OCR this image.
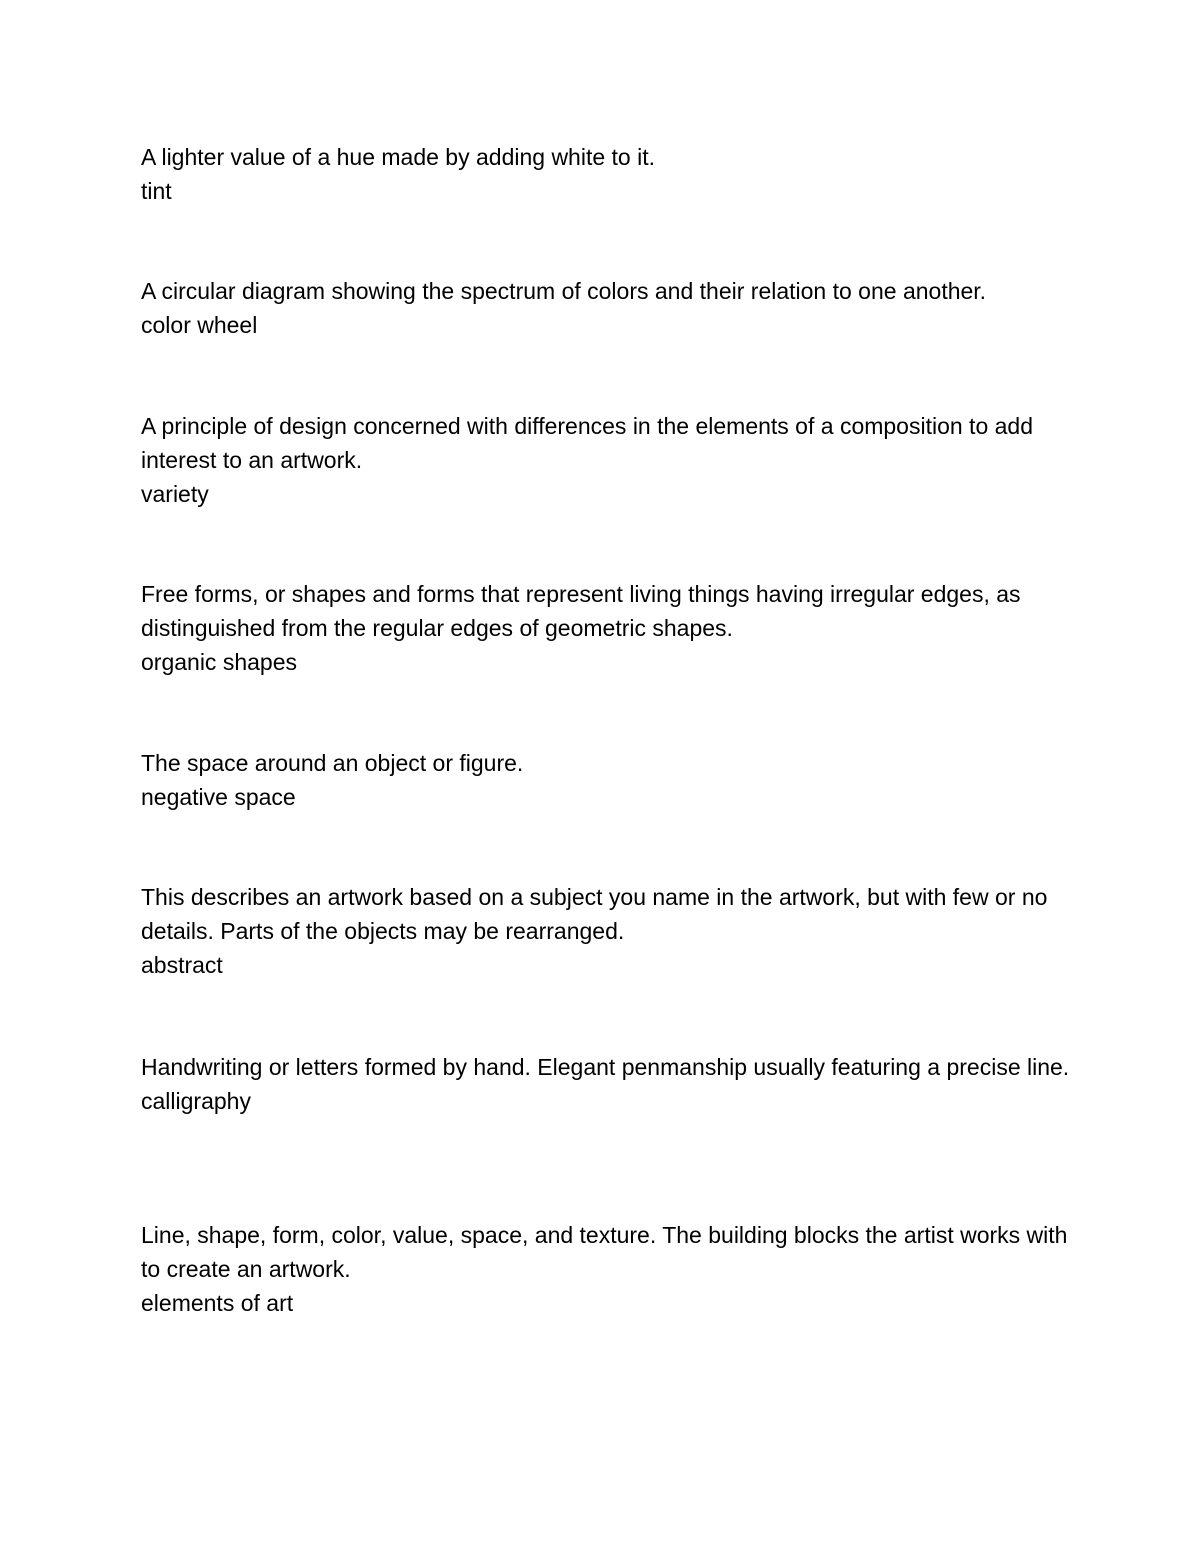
A lighter value of a hue made by adding white to it.

tint

A circular diagram showing the spectrum of colors and their relation to one another.

color wheel

A principle of design concerned with differences in the elements of a composition to add interest to an artwork.

variety

Free forms, or shapes and forms that represent living things having irregular edges, as distinguished from the regular edges of geometric shapes.

organic shapes

The space around an object or figure.

negative space

This describes an artwork based on a subject you name in the artwork, but with few or no details. Parts of the objects may be rearranged.

abstract

Handwriting or letters formed by hand. Elegant penmanship usually featuring a precise line.

calligraphy

Line, shape, form, color, value, space, and texture. The building blocks the artist works with to create an artwork.

elements of art
